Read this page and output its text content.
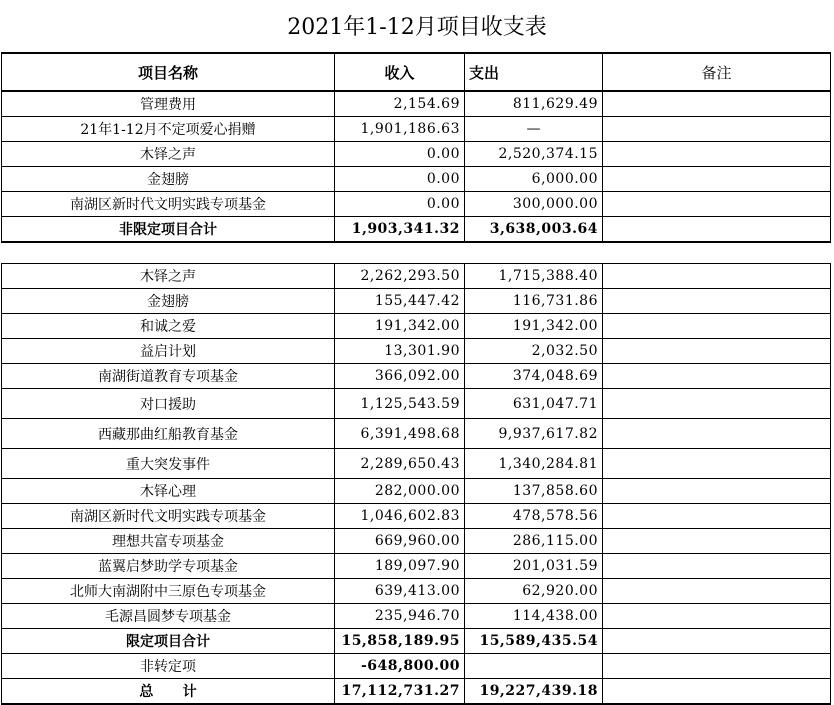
2021年1-12月项目收支表
项目名称	收入	支出	备注
管理费用	2,154.69	811,629.49	
21年1-12月不定项爱心捐赠	1,901,186.63	—	
木铎之声	0.00	2,520,374.15	
金翅膀	0.00	6,000.00	
南湖区新时代文明实践专项基金	0.00	300,000.00	
非限定项目合计	1,903,341.32	3,638,003.64	
木铎之声	2,262,293.50	1,715,388.40	
金翅膀	155,447.42	116,731.86	
和诚之爱	191,342.00	191,342.00	
益启计划	13,301.90	2,032.50	
南湖街道教育专项基金	366,092.00	374,048.69	
对口援助	1,125,543.59	631,047.71	
西藏那曲红船教育基金	6,391,498.68	9,937,617.82	
重大突发事件	2,289,650.43	1,340,284.81	
木铎心理	282,000.00	137,858.60	
南湖区新时代文明实践专项基金	1,046,602.83	478,578.56	
理想共富专项基金	669,960.00	286,115.00	
蓝翼启梦助学专项基金	189,097.90	201,031.59	
北师大南湖附中三原色专项基金	639,413.00	62,920.00	
毛源昌圆梦专项基金	235,946.70	114,438.00	
限定项目合计	15,858,189.95	15,589,435.54	
非转定项	-648,800.00		
总      计	17,112,731.27	19,227,439.18	
